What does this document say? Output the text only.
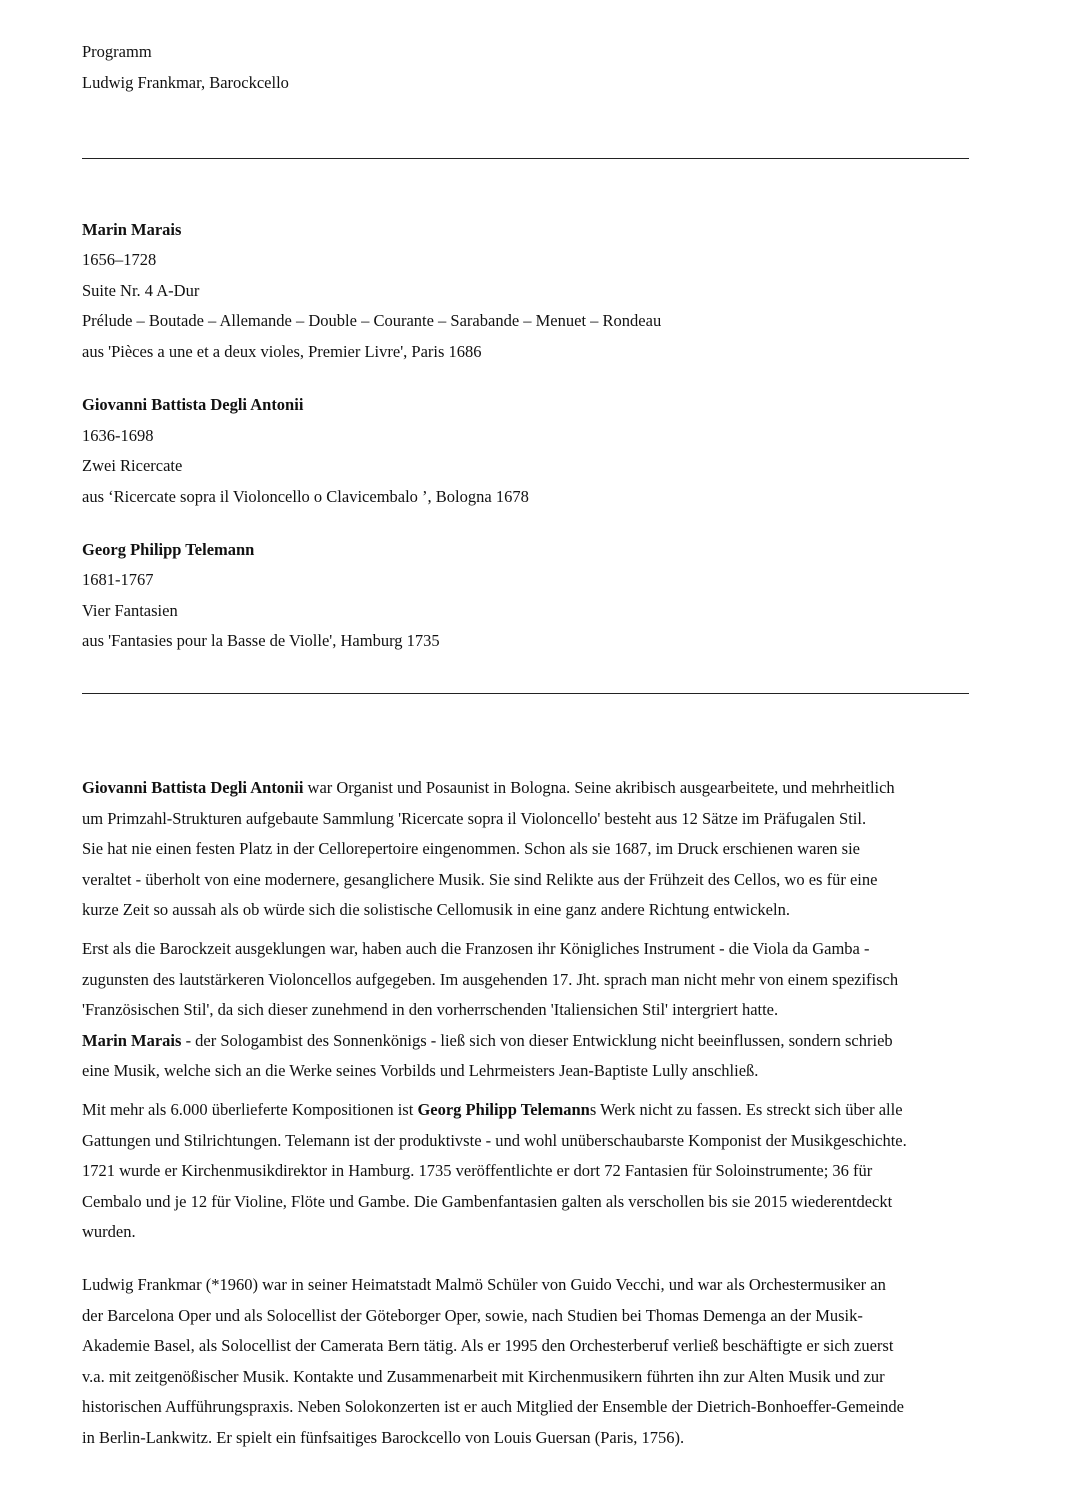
Programm
Ludwig Frankmar, Barockcello
Marin Marais
1656–1728
Suite Nr. 4 A-Dur
Prélude – Boutade – Allemande – Double – Courante – Sarabande – Menuet – Rondeau
aus 'Pièces a une et a deux violes, Premier Livre', Paris 1686
Giovanni Battista Degli Antonii
1636-1698
Zwei Ricercate
aus ‘Ricercate sopra il Violoncello o Clavicembalo ’, Bologna 1678
Georg Philipp Telemann
1681-1767
Vier Fantasien
aus 'Fantasies pour la Basse de Violle', Hamburg 1735
Giovanni Battista Degli Antonii war Organist und Posaunist in Bologna. Seine akribisch ausgearbeitete, und mehrheitlich
um Primzahl-Strukturen aufgebaute Sammlung 'Ricercate sopra il Violoncello' besteht aus 12 Sätze im Präfugalen Stil.
Sie hat nie einen festen Platz in der Cellorepertoire eingenommen. Schon als sie 1687, im Druck erschienen waren sie
veraltet - überholt von eine modernere, gesanglichere Musik. Sie sind Relikte aus der Frühzeit des Cellos, wo es für eine
kurze Zeit so aussah als ob würde sich die solistische Cellomusik in eine ganz andere Richtung entwickeln.
Erst als die Barockzeit ausgeklungen war, haben auch die Franzosen ihr Königliches Instrument - die Viola da Gamba -
zugunsten des lautstärkeren Violoncellos aufgegeben. Im ausgehenden 17. Jht. sprach man nicht mehr von einem spezifisch
'Französischen Stil', da sich dieser zunehmend in den vorherrschenden 'Italiensichen Stil' intergriert hatte.
Marin Marais - der Sologambist des Sonnenkönigs - ließ sich von dieser Entwicklung nicht beeinflussen, sondern schrieb
eine Musik, welche sich an die Werke seines Vorbilds und Lehrmeisters Jean-Baptiste Lully anschließ.
Mit mehr als 6.000 überlieferte Kompositionen ist Georg Philipp Telemanns Werk nicht zu fassen. Es streckt sich über alle
Gattungen und Stilrichtungen. Telemann ist der produktivste - und wohl unüberschaubarste Komponist der Musikgeschichte.
1721 wurde er Kirchenmusikdirektor in Hamburg. 1735 veröffentlichte er dort 72 Fantasien für Soloinstrumente; 36 für
Cembalo und je 12 für Violine, Flöte und Gambe. Die Gambenfantasien galten als verschollen bis sie 2015 wiederentdeckt
wurden.
Ludwig Frankmar (*1960) war in seiner Heimatstadt Malmö Schüler von Guido Vecchi, und war als Orchestermusiker an
der Barcelona Oper und als Solocellist der Göteborger Oper, sowie, nach Studien bei Thomas Demenga an der Musik-
Akademie Basel, als Solocellist der Camerata Bern tätig. Als er 1995 den Orchesterberuf verließ beschäftigte er sich zuerst
v.a. mit zeitgenößischer Musik. Kontakte und Zusammenarbeit mit Kirchenmusikern führten ihn zur Alten Musik und zur
historischen Aufführungspraxis. Neben Solokonzerten ist er auch Mitglied der Ensemble der Dietrich-Bonhoeffer-Gemeinde
in Berlin-Lankwitz. Er spielt ein fünfsaitiges Barockcello von Louis Guersan (Paris, 1756).
